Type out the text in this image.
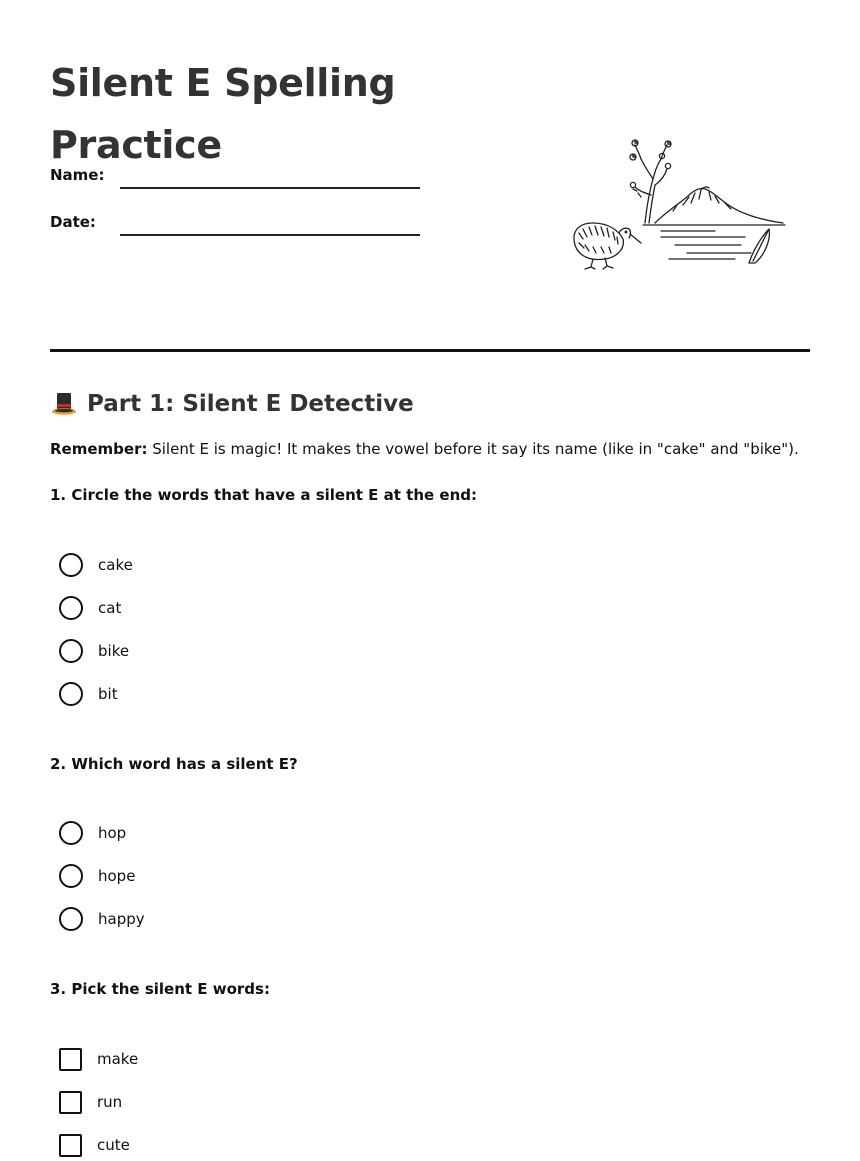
Silent E Spelling
Practice
Name:
Date:
Part 1: Silent E Detective

Remember: Silent E is magic! It makes the vowel before it say its name (like in "cake" and "bike").

1. Circle the words that have a silent E at the end:
cake
cat
bike
bit
2. Which word has a silent E?
hop
hope
happy
3. Pick the silent E words:
make
run
cute
